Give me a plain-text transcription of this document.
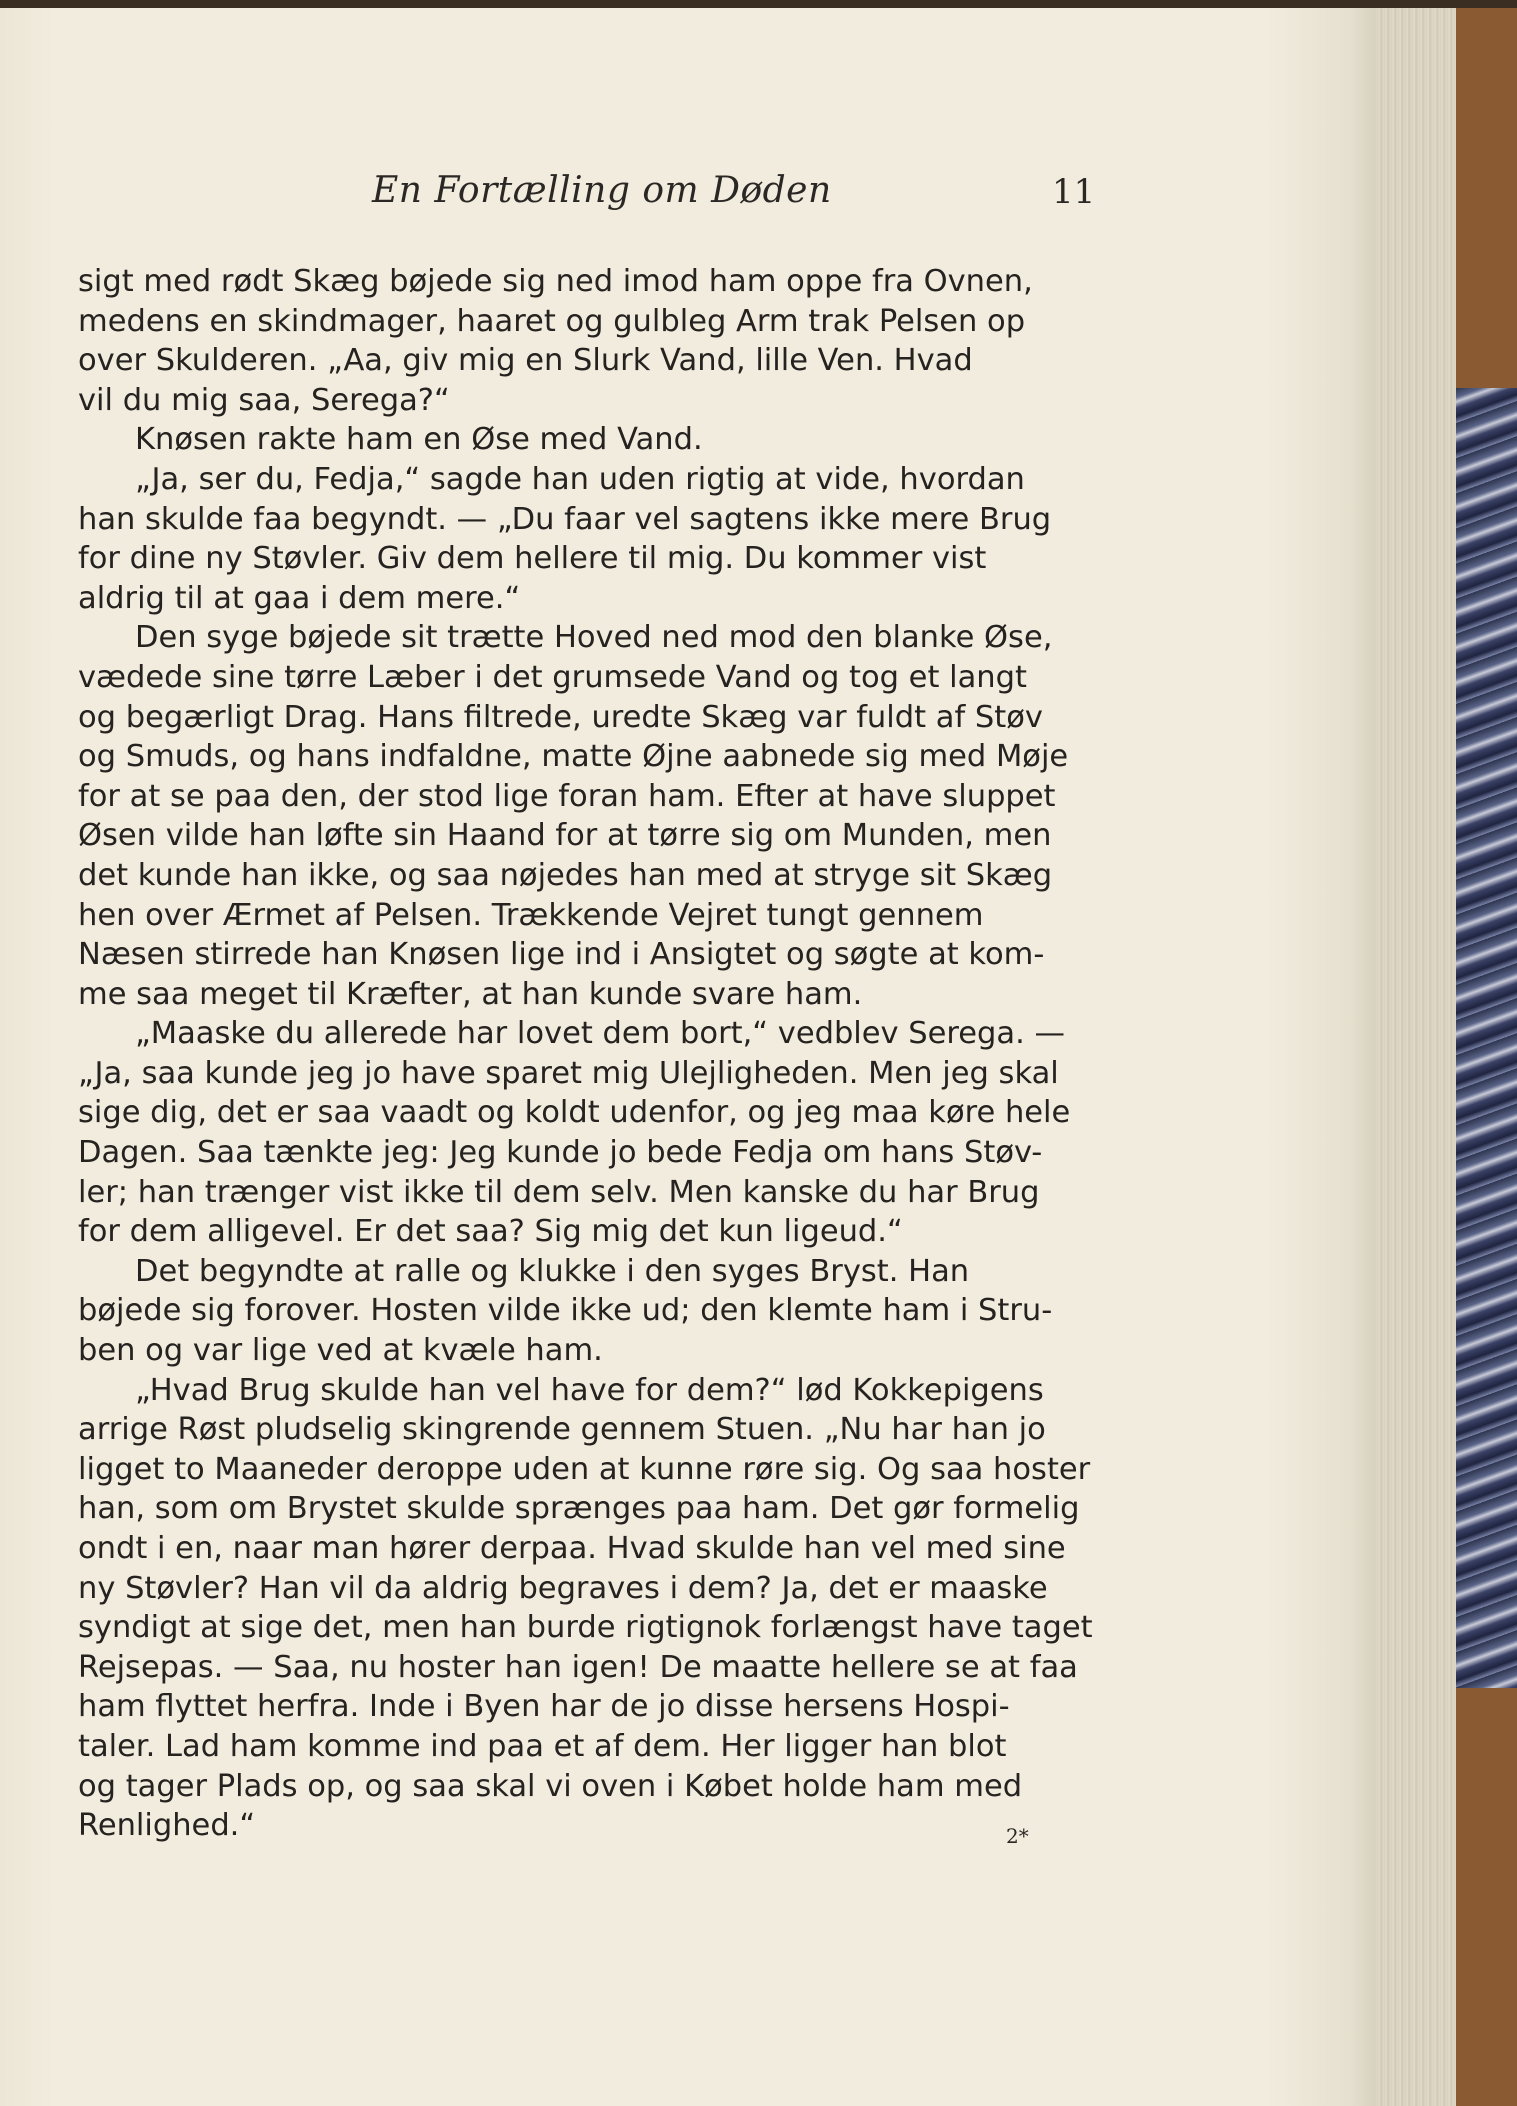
En Fortælling om Døden	11
sigt med rødt Skæg bøjede sig ned imod ham oppe fra Ovnen,
medens en skindmager, haaret og gulbleg Arm trak Pelsen op
over Skulderen. „Aa, giv mig en Slurk Vand, lille Ven. Hvad
vil du mig saa, Serega?“
Knøsen rakte ham en Øse med Vand.
„Ja, ser du, Fedja,“ sagde han uden rigtig at vide, hvordan
han skulde faa begyndt. — „Du faar vel sagtens ikke mere Brug
for dine ny Støvler. Giv dem hellere til mig. Du kommer vist
aldrig til at gaa i dem mere.“
Den syge bøjede sit trætte Hoved ned mod den blanke Øse,
vædede sine tørre Læber i det grumsede Vand og tog et langt
og begærligt Drag. Hans filtrede, uredte Skæg var fuldt af Støv
og Smuds, og hans indfaldne, matte Øjne aabnede sig med Møje
for at se paa den, der stod lige foran ham. Efter at have sluppet
Øsen vilde han løfte sin Haand for at tørre sig om Munden, men
det kunde han ikke, og saa nøjedes han med at stryge sit Skæg
hen over Ærmet af Pelsen. Trækkende Vejret tungt gennem
Næsen stirrede han Knøsen lige ind i Ansigtet og søgte at kom-
me saa meget til Kræfter, at han kunde svare ham.
„Maaske du allerede har lovet dem bort,“ vedblev Serega. —
„Ja, saa kunde jeg jo have sparet mig Ulejligheden. Men jeg skal
sige dig, det er saa vaadt og koldt udenfor, og jeg maa køre hele
Dagen. Saa tænkte jeg: Jeg kunde jo bede Fedja om hans Støv-
ler; han trænger vist ikke til dem selv. Men kanske du har Brug
for dem alligevel. Er det saa? Sig mig det kun ligeud.“
Det begyndte at ralle og klukke i den syges Bryst. Han
bøjede sig forover. Hosten vilde ikke ud; den klemte ham i Stru-
ben og var lige ved at kvæle ham.
„Hvad Brug skulde han vel have for dem?“ lød Kokkepigens
arrige Røst pludselig skingrende gennem Stuen. „Nu har han jo
ligget to Maaneder deroppe uden at kunne røre sig. Og saa hoster
han, som om Brystet skulde sprænges paa ham. Det gør formelig
ondt i en, naar man hører derpaa. Hvad skulde han vel med sine
ny Støvler? Han vil da aldrig begraves i dem? Ja, det er maaske
syndigt at sige det, men han burde rigtignok forlængst have taget
Rejsepas. — Saa, nu hoster han igen! De maatte hellere se at faa
ham flyttet herfra. Inde i Byen har de jo disse hersens Hospi-
taler. Lad ham komme ind paa et af dem. Her ligger han blot
og tager Plads op, og saa skal vi oven i Købet holde ham med
Renlighed.“	2*
